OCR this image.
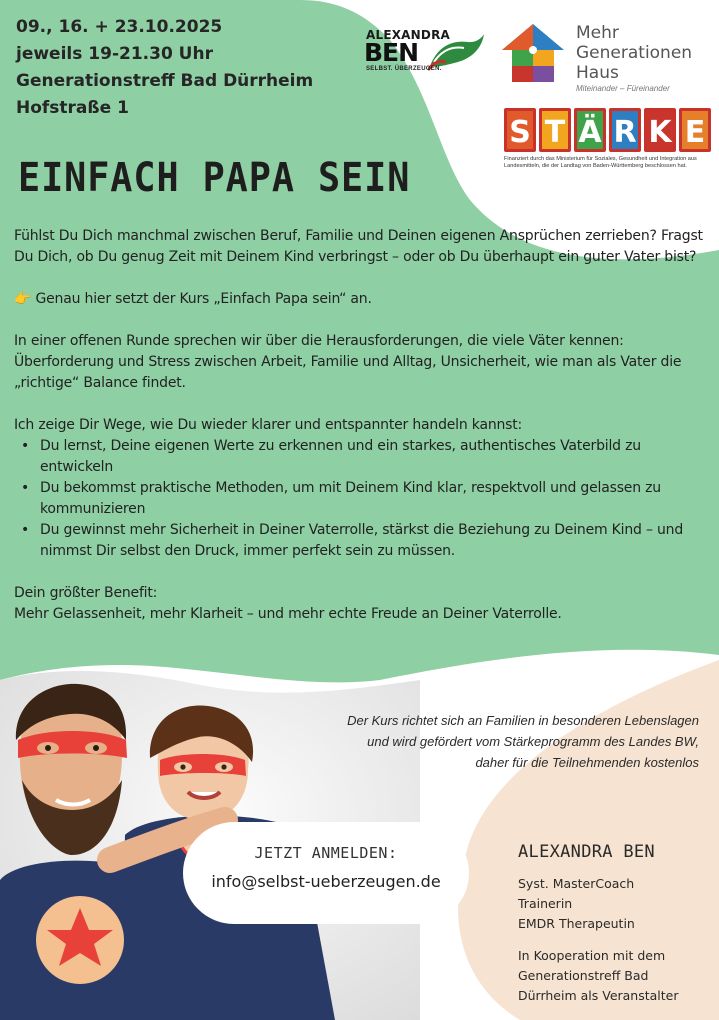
09., 16. + 23.10.2025
jeweils 19-21.30 Uhr
Generationstreff Bad Dürrheim
Hofstraße 1
ALEXANDRA
BEN
SELBST. ÜBERZEUGEN.
Mehr
Generationen
Haus
Miteinander – Füreinander
S T Ä R K E
Finanziert durch das Ministerium für Soziales, Gesundheit und Integration aus Landesmitteln, die der Landtag von Baden-Württemberg beschlossen hat.
EINFACH PAPA SEIN

Fühlst Du Dich manchmal zwischen Beruf, Familie und Deinen eigenen Ansprüchen zerrieben? Fragst Du Dich, ob Du genug Zeit mit Deinem Kind verbringst – oder ob Du überhaupt ein guter Vater bist?

👉 Genau hier setzt der Kurs „Einfach Papa sein“ an.

In einer offenen Runde sprechen wir über die Herausforderungen, die viele Väter kennen: Überforderung und Stress zwischen Arbeit, Familie und Alltag, Unsicherheit, wie man als Vater die „richtige“ Balance findet.

Ich zeige Dir Wege, wie Du wieder klarer und entspannter handeln kannst:

• Du lernst, Deine eigenen Werte zu erkennen und ein starkes, authentisches Vaterbild zu entwickeln
• Du bekommst praktische Methoden, um mit Deinem Kind klar, respektvoll und gelassen zu kommunizieren
• Du gewinnst mehr Sicherheit in Deiner Vaterrolle, stärkst die Beziehung zu Deinem Kind – und nimmst Dir selbst den Druck, immer perfekt sein zu müssen.

Dein größter Benefit:

Mehr Gelassenheit, mehr Klarheit – und mehr echte Freude an Deiner Vaterrolle.

Der Kurs richtet sich an Familien in besonderen Lebenslagen
und wird gefördert vom Stärkeprogramm des Landes BW,
daher für die Teilnehmenden kostenlos
JETZT ANMELDEN:
info@selbst-ueberzeugen.de
ALEXANDRA BEN
Syst. MasterCoach
Trainerin
EMDR Therapeutin
In Kooperation mit dem
Generationstreff Bad
Dürrheim als Veranstalter
